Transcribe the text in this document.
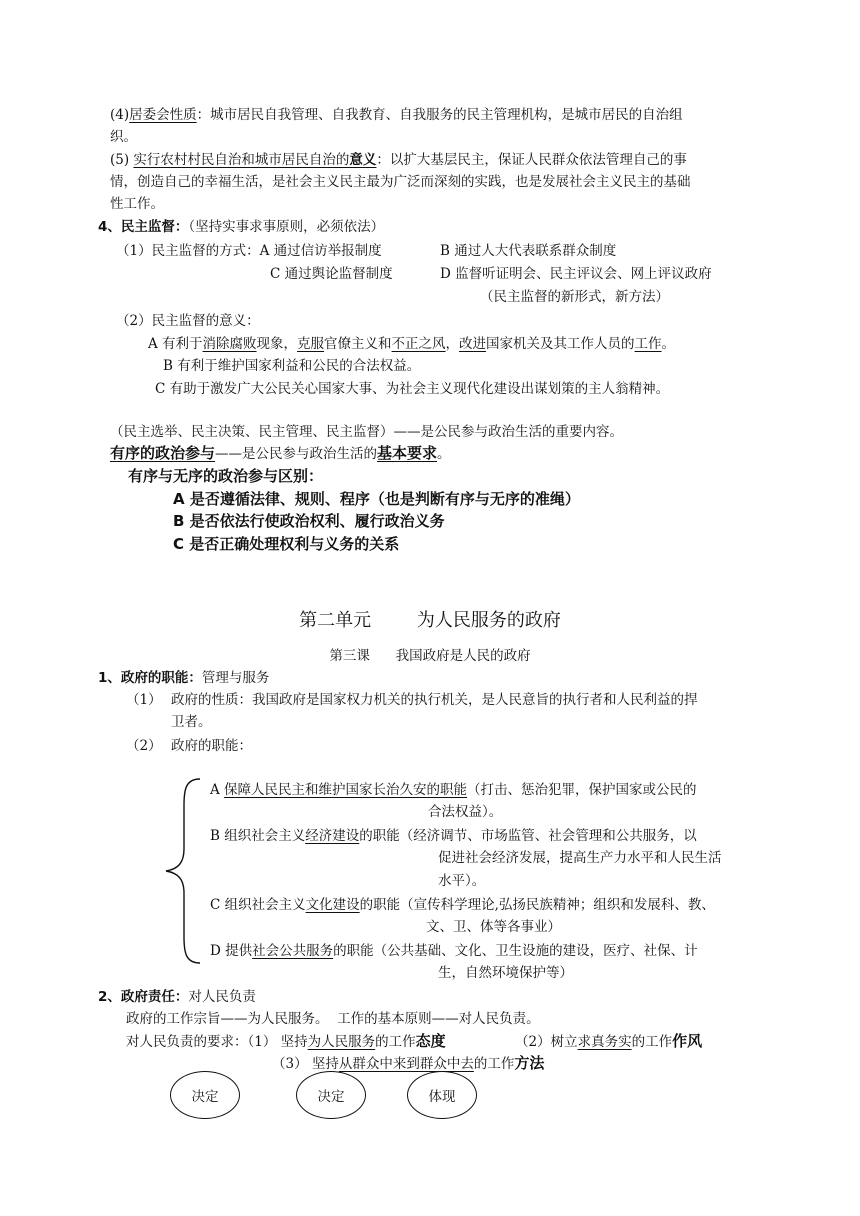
(4)居委会性质：城市居民自我管理、自我教育、自我服务的民主管理机构，是城市居民的自治组
织。
(5) 实行农村村民自治和城市居民自治的意义：以扩大基层民主，保证人民群众依法管理自己的事
情，创造自己的幸福生活，是社会主义民主最为广泛而深刻的实践，也是发展社会主义民主的基础
性工作。
4、民主监督：（坚持实事求事原则，必须依法）
（1）民主监督的方式：A 通过信访举报制度	B 通过人大代表联系群众制度
C 通过舆论监督制度	D 监督听证明会、民主评议会、网上评议政府
（民主监督的新形式，新方法）
（2）民主监督的意义：
A 有利于消除腐败现象，克服官僚主义和不正之风，改进国家机关及其工作人员的工作。
B 有利于维护国家利益和公民的合法权益。
C 有助于激发广大公民关心国家大事、为社会主义现代化建设出谋划策的主人翁精神。
（民主选举、民主决策、民主管理、民主监督）——是公民参与政治生活的重要内容。
有序的政治参与——是公民参与政治生活的基本要求。
有序与无序的政治参与区别：
A 是否遵循法律、规则、程序（也是判断有序与无序的准绳）
B 是否依法行使政治权利、履行政治义务
C 是否正确处理权利与义务的关系
第二单元        为人民服务的政府
第三课      我国政府是人民的政府
1、政府的职能：管理与服务
（1） 政府的性质：我国政府是国家权力机关的执行机关，是人民意旨的执行者和人民利益的捍
卫者。
（2） 政府的职能：
A 保障人民民主和维护国家长治久安的职能（打击、惩治犯罪，保护国家或公民的
合法权益）。
B 组织社会主义经济建设的职能（经济调节、市场监管、社会管理和公共服务，以
促进社会经济发展，提高生产力水平和人民生活
水平）。
C 组织社会主义文化建设的职能（宣传科学理论,弘扬民族精神；组织和发展科、教、
文、卫、体等各事业）
D 提供社会公共服务的职能（公共基础、文化、卫生设施的建设，医疗、社保、计
生，自然环境保护等）
2、政府责任：对人民负责
政府的工作宗旨——为人民服务。  工作的基本原则——对人民负责。
对人民负责的要求：（1） 坚持为人民服务的工作态度	（2）树立求真务实的工作作风
（3） 坚持从群众中来到群众中去的工作方法
决定	决定	体现
